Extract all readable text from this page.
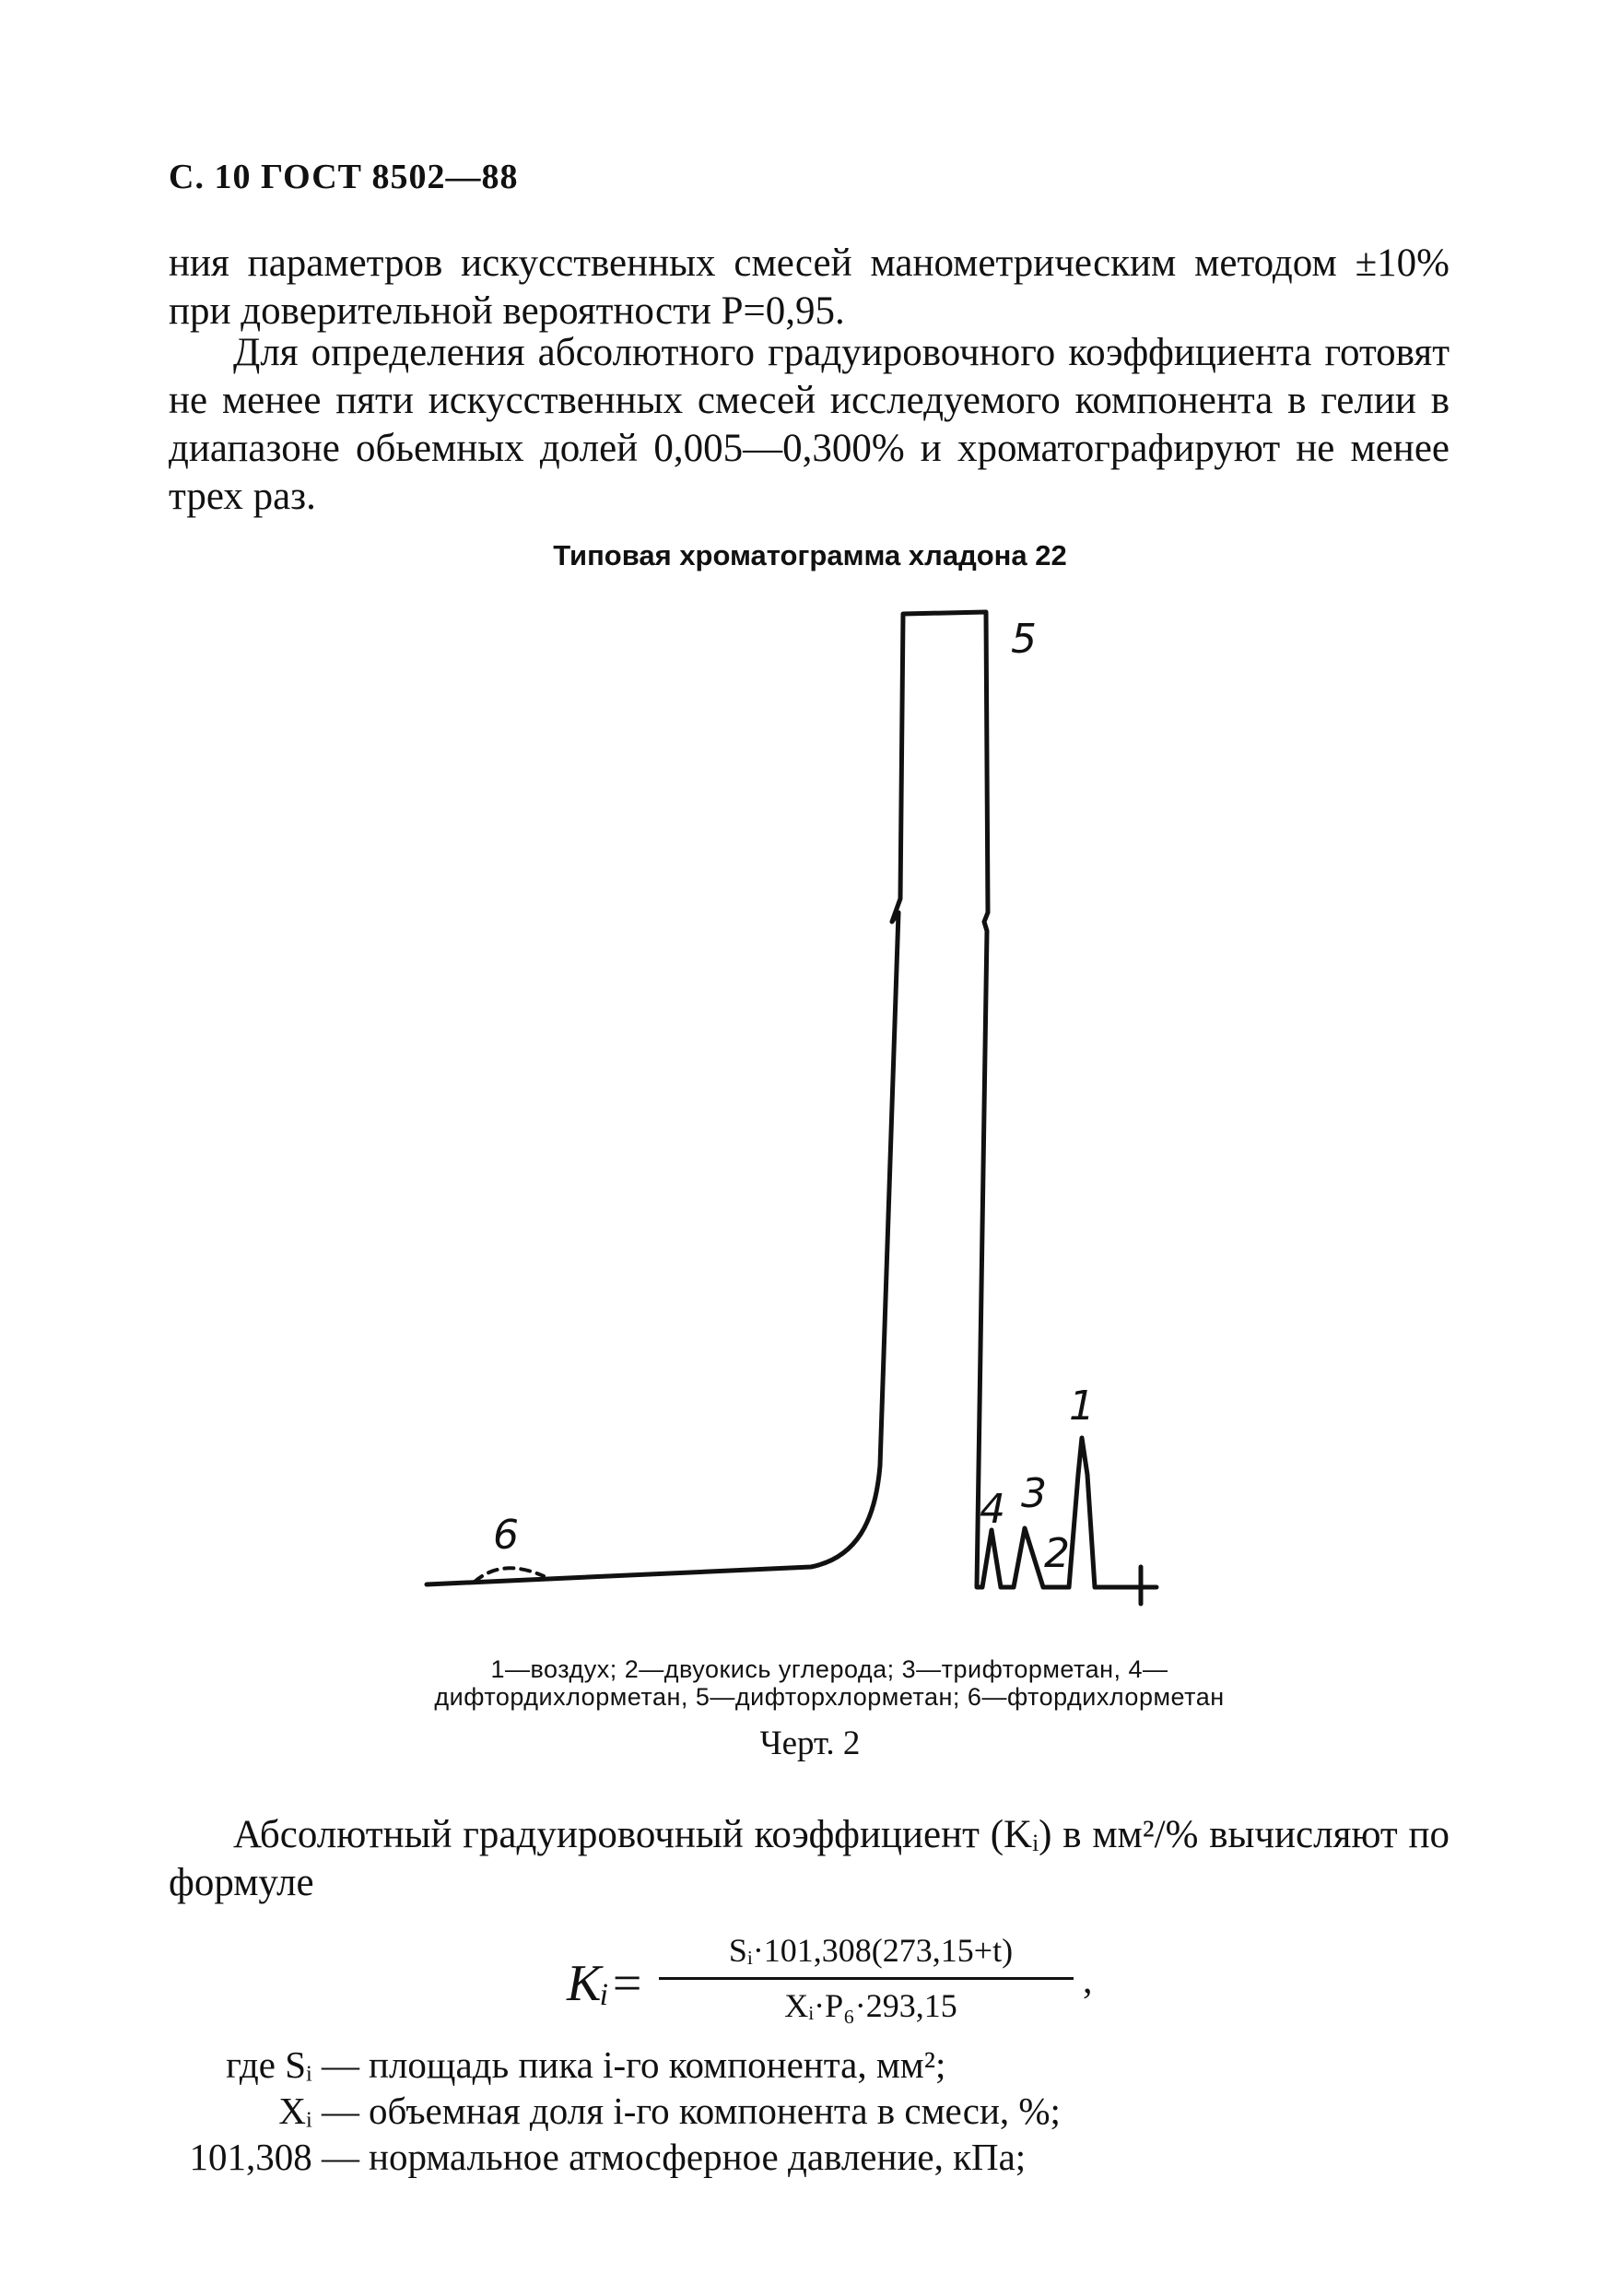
С. 10 ГОСТ 8502—88
ния параметров искусственных смесей манометрическим методом ±10% при доверительной вероятности P=0,95.
Для определения абсолютного градуировочного коэффициента готовят не менее пяти искусственных смесей исследуемого компонента в гелии в диапазоне обьемных долей 0,005—0,300% и хроматографируют не менее трех раз.
Типовая хроматограмма хладона 22
5
1
3
4
2
6
1—воздух; 2—двуокись углерода; 3—трифторметан, 4—дифтордихлорметан, 5—дифторхлорметан; 6—фтордихлорметан
Черт. 2
Абсолютный градуировочный коэффициент (Kᵢ) в мм²/% вычисляют по формуле
Kᵢ=
Sᵢ·101,308(273,15+t)
Xᵢ·P₆·293,15
,
где Sᵢ — площадь пика i-го компонента, мм²;
Xᵢ — объемная доля i-го компонента в смеси, %;
101,308 — нормальное атмосферное давление, кПа;
